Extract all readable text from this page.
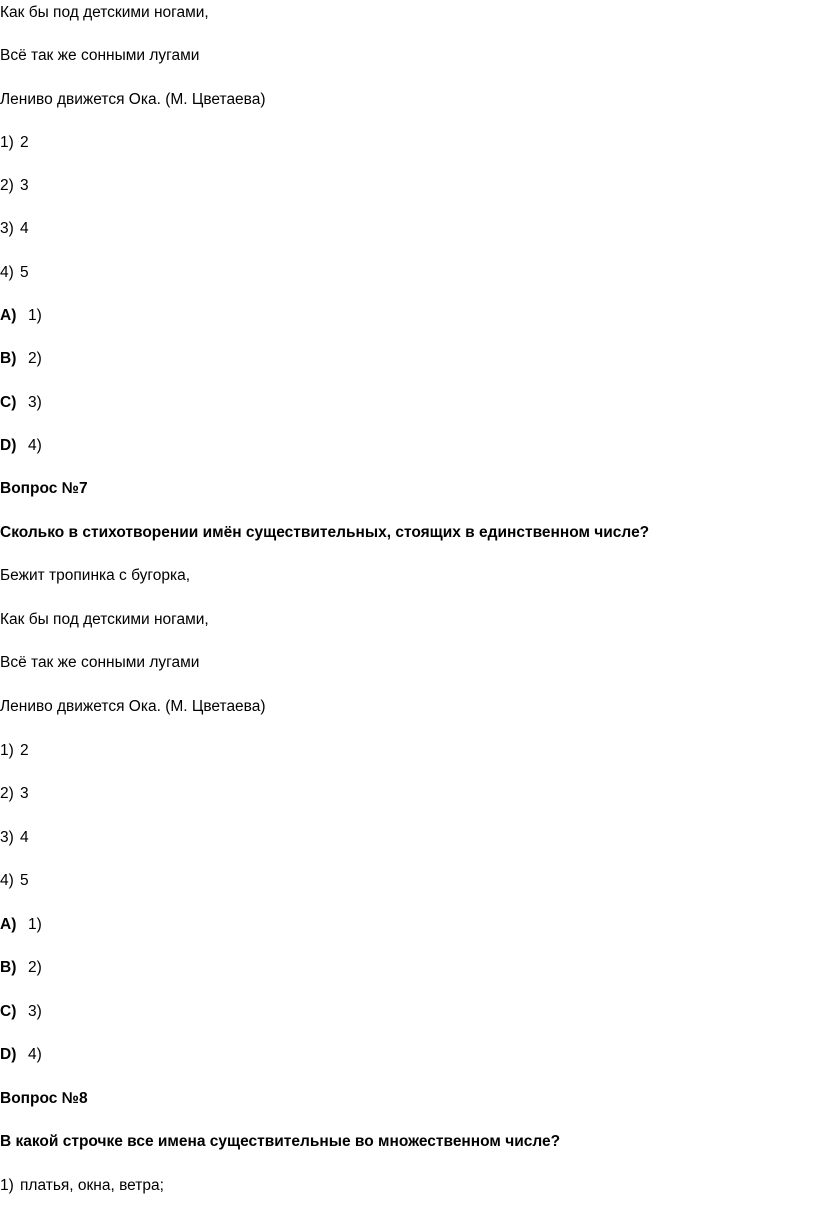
Как бы под детскими ногами,
Всё так же сонными лугами
Лениво движется Ока. (М. Цветаева)
1) 2
2) 3
3) 4
4) 5
A) 1)
B) 2)
C) 3)
D) 4)
Вопрос №7
Сколько в стихотворении имён существительных, стоящих в единственном числе?
Бежит тропинка с бугорка,
Как бы под детскими ногами,
Всё так же сонными лугами
Лениво движется Ока. (М. Цветаева)
1) 2
2) 3
3) 4
4) 5
A) 1)
B) 2)
C) 3)
D) 4)
Вопрос №8
В какой строчке все имена существительные во множественном числе?
1) платья, окна, ветра;
